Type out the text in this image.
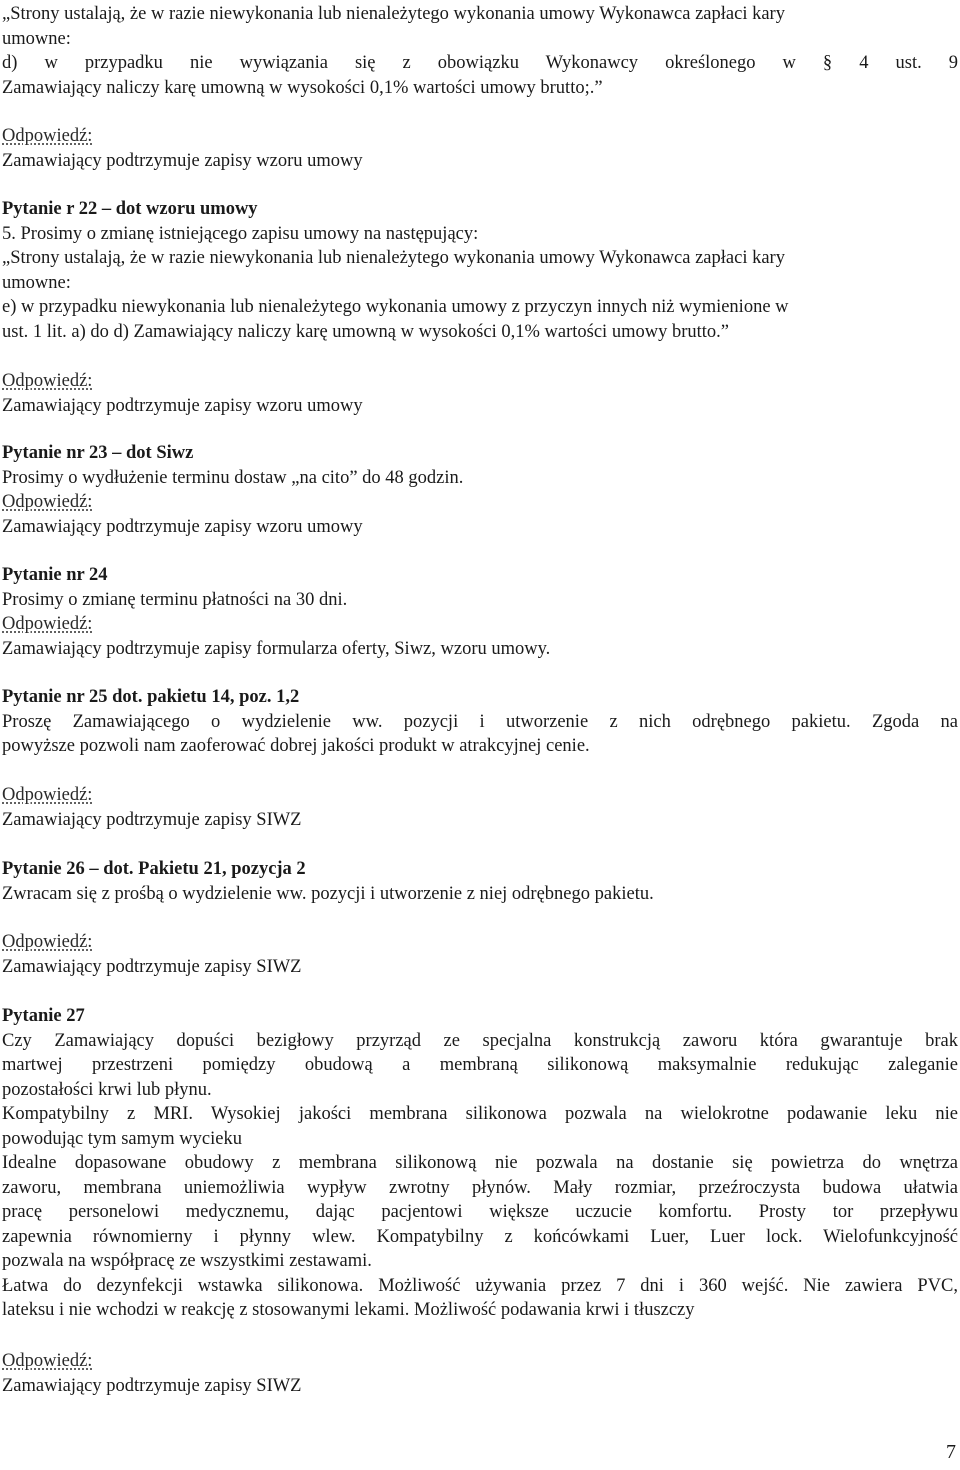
„Strony ustalają, że w razie niewykonania lub nienależytego wykonania umowy Wykonawca zapłaci kary
umowne:
d) w przypadku nie wywiązania się z obowiązku Wykonawcy określonego w § 4 ust. 9
Zamawiający naliczy karę umowną w wysokości 0,1% wartości umowy brutto;.”
Odpowiedź:
Zamawiający podtrzymuje zapisy wzoru umowy
Pytanie r 22 – dot wzoru umowy
5. Prosimy o zmianę istniejącego zapisu umowy na następujący:
„Strony ustalają, że w razie niewykonania lub nienależytego wykonania umowy Wykonawca zapłaci kary
umowne:
e) w przypadku niewykonania lub nienależytego wykonania umowy z przyczyn innych niż wymienione w
ust. 1 lit. a) do d) Zamawiający naliczy karę umowną w wysokości 0,1% wartości umowy brutto.”
Odpowiedź:
Zamawiający podtrzymuje zapisy wzoru umowy
Pytanie nr 23 – dot Siwz
Prosimy o wydłużenie terminu dostaw „na cito” do 48 godzin.
Odpowiedź:
Zamawiający podtrzymuje zapisy wzoru umowy
Pytanie nr 24
Prosimy o zmianę terminu płatności na 30 dni.
Odpowiedź:
Zamawiający podtrzymuje zapisy formularza oferty, Siwz, wzoru umowy.
Pytanie nr 25 dot. pakietu 14, poz. 1,2
Proszę Zamawiającego o wydzielenie ww. pozycji i utworzenie z nich odrębnego pakietu. Zgoda na
powyższe pozwoli nam zaoferować dobrej jakości produkt w atrakcyjnej cenie.
Odpowiedź:
Zamawiający podtrzymuje zapisy SIWZ
Pytanie 26 – dot. Pakietu 21, pozycja 2
Zwracam się z prośbą o wydzielenie ww. pozycji i utworzenie z niej odrębnego pakietu.
Odpowiedź:
Zamawiający podtrzymuje zapisy SIWZ
Pytanie 27
Czy Zamawiający dopuści bezigłowy przyrząd ze specjalna konstrukcją zaworu która gwarantuje brak
martwej przestrzeni pomiędzy obudową a membraną silikonową maksymalnie redukując zaleganie
pozostałości krwi lub płynu.
Kompatybilny z MRI. Wysokiej jakości membrana silikonowa pozwala na wielokrotne podawanie leku nie
powodując tym samym wycieku
Idealne dopasowane obudowy z membrana silikonową nie pozwala na dostanie się powietrza do wnętrza
zaworu, membrana uniemożliwia wypływ zwrotny płynów. Mały rozmiar, przeźroczysta budowa ułatwia
pracę personelowi medycznemu, dając pacjentowi większe uczucie komfortu. Prosty tor przepływu
zapewnia równomierny i płynny wlew. Kompatybilny z końcówkami Luer, Luer lock. Wielofunkcyjność
pozwala na współpracę ze wszystkimi zestawami.
Łatwa do dezynfekcji wstawka silikonowa. Możliwość używania przez 7 dni i 360 wejść. Nie zawiera PVC,
lateksu i nie wchodzi w reakcję z stosowanymi lekami. Możliwość podawania krwi i tłuszczy
Odpowiedź:
Zamawiający podtrzymuje zapisy SIWZ
7
